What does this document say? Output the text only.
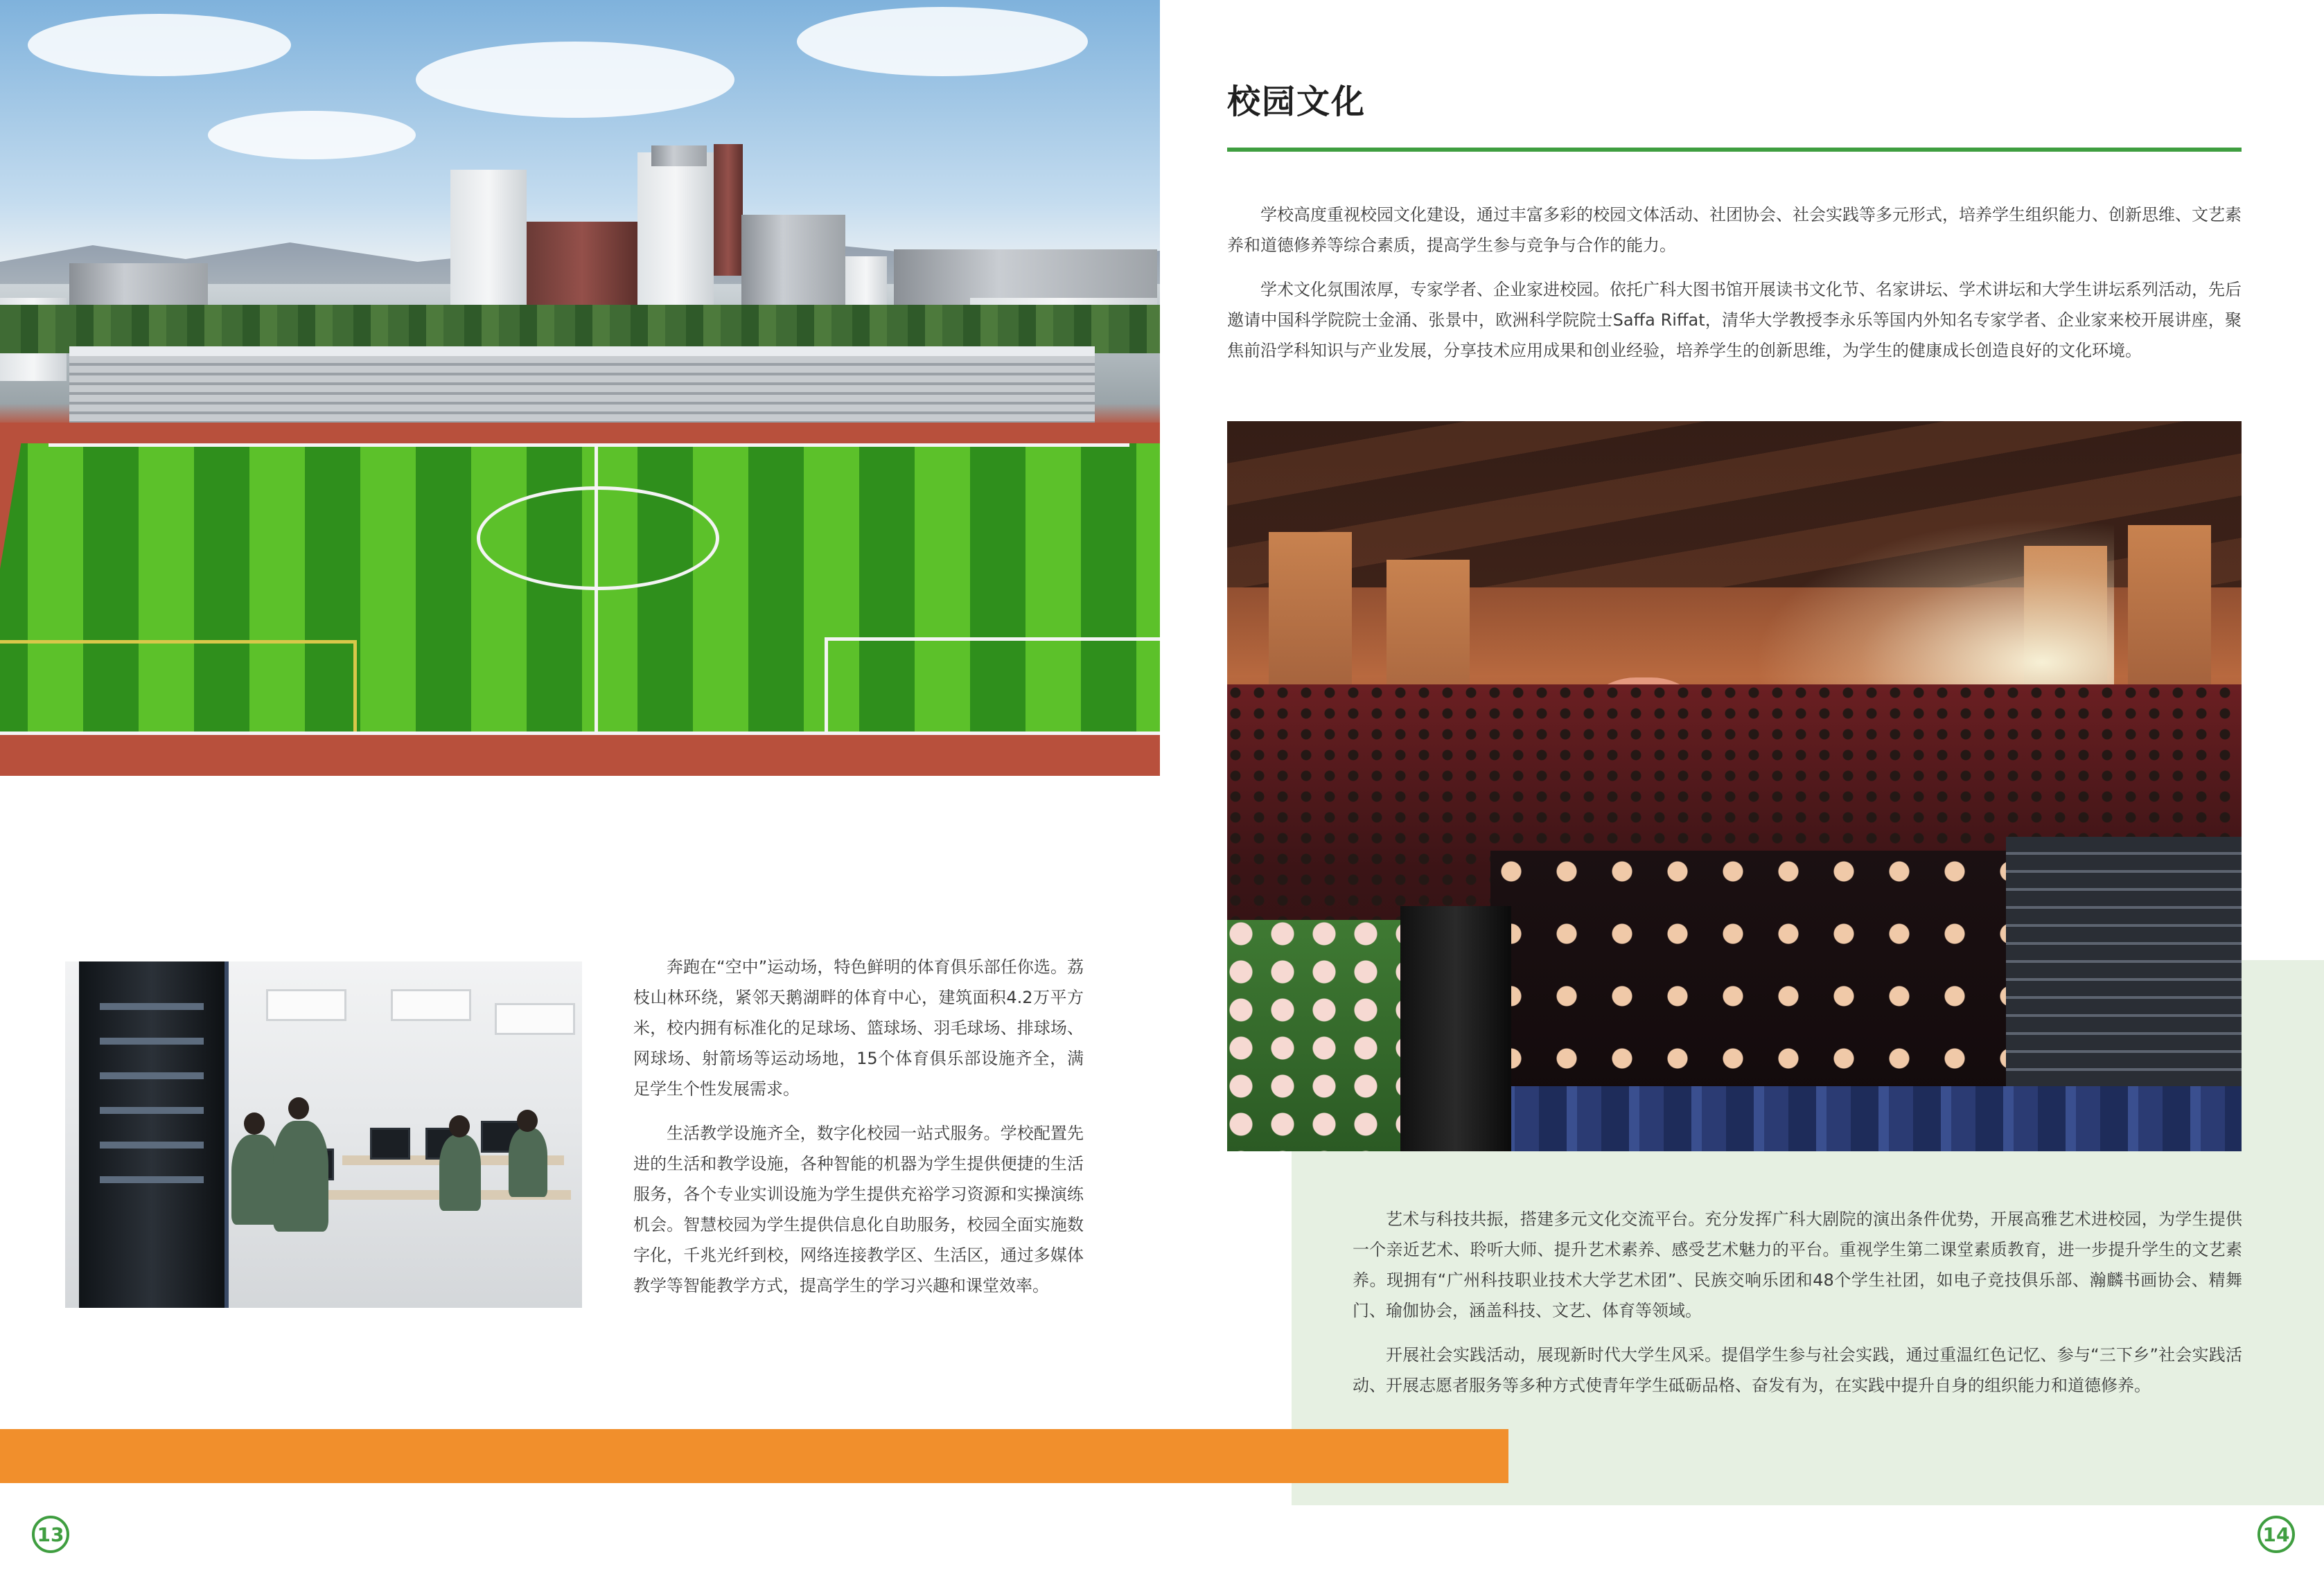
校园文化

学校高度重视校园文化建设，通过丰富多彩的校园文体活动、社团协会、社会实践等多元形式，培养学生组织能力、创新思维、文艺素养和道德修养等综合素质，提高学生参与竞争与合作的能力。

学术文化氛围浓厚，专家学者、企业家进校园。依托广科大图书馆开展读书文化节、名家讲坛、学术讲坛和大学生讲坛系列活动，先后邀请中国科学院院士金涌、张景中，欧洲科学院院士Saffa Riffat，清华大学教授李永乐等国内外知名专家学者、企业家来校开展讲座，聚焦前沿学科知识与产业发展，分享技术应用成果和创业经验，培养学生的创新思维，为学生的健康成长创造良好的文化环境。

奔跑在“空中”运动场，特色鲜明的体育俱乐部任你选。荔枝山林环绕，紧邻天鹅湖畔的体育中心，建筑面积4.2万平方米，校内拥有标准化的足球场、篮球场、羽毛球场、排球场、网球场、射箭场等运动场地，15个体育俱乐部设施齐全，满足学生个性发展需求。

生活教学设施齐全，数字化校园一站式服务。学校配置先进的生活和教学设施，各种智能的机器为学生提供便捷的生活服务，各个专业实训设施为学生提供充裕学习资源和实操演练机会。智慧校园为学生提供信息化自助服务，校园全面实施数字化，千兆光纤到校，网络连接教学区、生活区，通过多媒体教学等智能教学方式，提高学生的学习兴趣和课堂效率。

艺术与科技共振，搭建多元文化交流平台。充分发挥广科大剧院的演出条件优势，开展高雅艺术进校园，为学生提供一个亲近艺术、聆听大师、提升艺术素养、感受艺术魅力的平台。重视学生第二课堂素质教育，进一步提升学生的文艺素养。现拥有“广州科技职业技术大学艺术团”、民族交响乐团和48个学生社团，如电子竞技俱乐部、瀚麟书画协会、精舞门、瑜伽协会，涵盖科技、文艺、体育等领域。

开展社会实践活动，展现新时代大学生风采。提倡学生参与社会实践，通过重温红色记忆、参与“三下乡”社会实践活动、开展志愿者服务等多种方式使青年学生砥砺品格、奋发有为，在实践中提升自身的组织能力和道德修养。

13	14
